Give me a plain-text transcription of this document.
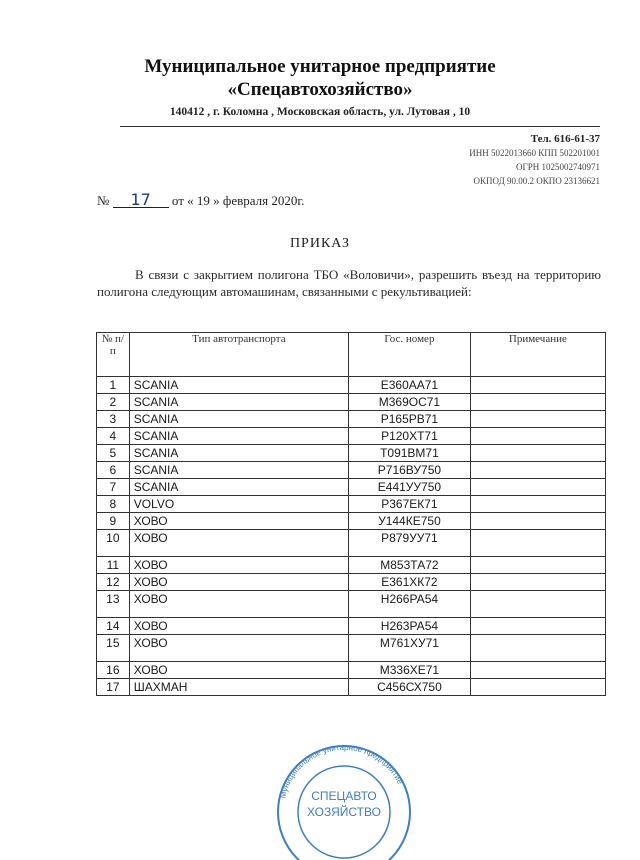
Муниципальное унитарное предприятие
«Спецавтохозяйство»
140412 , г. Коломна , Московская область, ул. Лутовая , 10
Тел. 616-61-37
ИНН 5022013660 КПП 502201001
ОГРН 1025002740971
ОКПОД 90.00.2 ОКПО 23136621
№ 17 от « 19 » февраля 2020г.
ПРИКАЗ
В связи с закрытием полигона ТБО «Воловичи», разрешить въезд на территорию полигона следующим автомашинам, связанными с рекультивацией:
№ п/п	Тип автотранспорта	Гос. номер	Примечание
1	SCANIA	Е360АА71	
2	SCANIA	М369ОС71	
3	SCANIA	Р165РВ71	
4	SCANIA	Р120ХТ71	
5	SCANIA	Т091ВМ71	
6	SCANIA	Р716ВУ750	
7	SCANIA	Е441УУ750	
8	VOLVO	Р367ЕК71	
9	ХОВО	У144КЕ750	
10	ХОВО	Р879УУ71	
11	ХОВО	М853ТА72	
12	ХОВО	Е361ХК72	
13	ХОВО	Н266РА54	
14	ХОВО	Н263РА54	
15	ХОВО	М761ХУ71	
16	ХОВО	М336ХЕ71	
17	ШАХМАН	С456СХ750	
Муниципальное унитарное предприятие
СПЕЦАВТО
ХОЗЯЙСТВО
